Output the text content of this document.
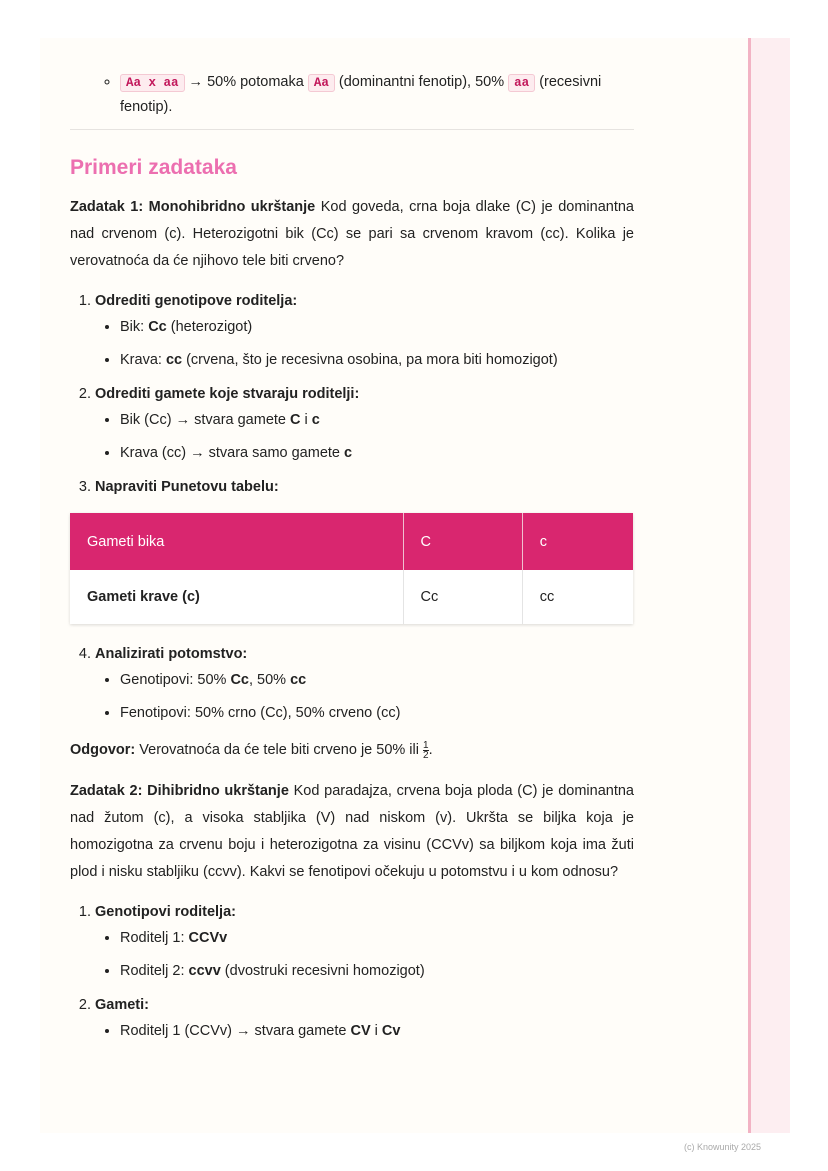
(c) Knowunity 2025
◦ Aa x aa → 50% potomaka Aa (dominantni fenotip), 50% aa (recesivni fenotip).
Primeri zadataka

Zadatak 1: Monohibridno ukrštanje Kod goveda, crna boja dlake (C) je dominantna nad crvenom (c). Heterozigotni bik (Cc) se pari sa crvenom kravom (cc). Kolika je verovatnoća da će njihovo tele biti crveno?

1. Odrediti genotipove roditelja:
• Bik: Cc (heterozigot)
• Krava: cc (crvena, što je recesivna osobina, pa mora biti homozigot)
2. Odrediti gamete koje stvaraju roditelji:
• Bik (Cc) → stvara gamete C i c
• Krava (cc) → stvara samo gamete c
3. Napraviti Punetovu tabelu:
Gameti bika	C	c
Gameti krave (c)	Cc	cc
4. Analizirati potomstvo:
• Genotipovi: 50% Cc, 50% cc
• Fenotipovi: 50% crno (Cc), 50% crveno (cc)

Odgovor: Verovatnoća da će tele biti crveno je 50% ili $\frac{1}{2}$ .

Zadatak 2: Dihibridno ukrštanje Kod paradajza, crvena boja ploda (C) je dominantna nad žutom (c), a visoka stabljika (V) nad niskom (v). Ukršta se biljka koja je homozigotna za crvenu boju i heterozigotna za visinu (CCVv) sa biljkom koja ima žuti plod i nisku stabljiku (ccvv). Kakvi se fenotipovi očekuju u potomstvu i u kom odnosu?

1. Genotipovi roditelja:
• Roditelj 1: CCVv
• Roditelj 2: ccvv (dvostruki recesivni homozigot)
2. Gameti:
• Roditelj 1 (CCVv) → stvara gamete CV i Cv
